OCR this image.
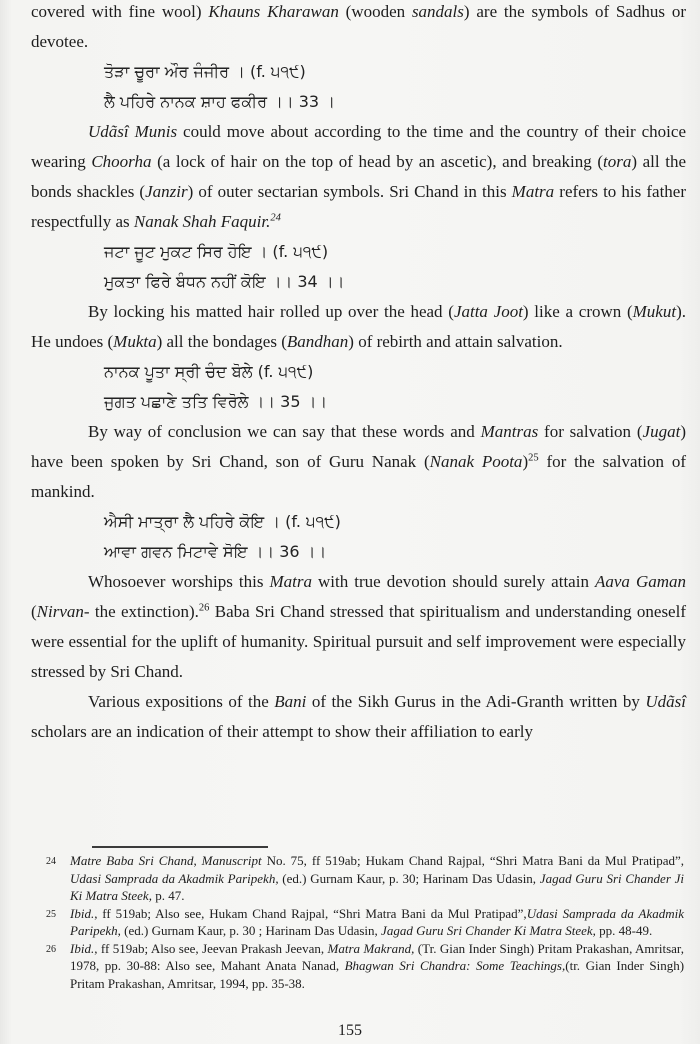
covered with fine wool) Khauns Kharawan (wooden sandals) are the symbols of Sadhus or devotee.
ਤੋੜਾ ਚੂਰਾ ਔਰ ਜੰਜੀਰ । (f. ੫੧੯)
ਲੈ ਪਹਿਰੇ ਨਾਨਕ ਸ਼ਾਹ ਫਕੀਰ ।। 33 ।
Udãsî Munis could move about according to the time and the country of their choice wearing Choorha (a lock of hair on the top of head by an ascetic), and breaking (tora) all the bonds shackles (Janzir) of outer sectarian symbols. Sri Chand in this Matra refers to his father respectfully as Nanak Shah Faquir.$^{24}$
ਜਟਾ ਜੂਟ ਮੁਕਟ ਸਿਰ ਹੋਇ । (f. ੫੧੯)
ਮੁਕਤਾ ਫਿਰੇ ਬੰਧਨ ਨਹੀਂ ਕੋਇ ।। 34 ।।
By locking his matted hair rolled up over the head (Jatta Joot) like a crown (Mukut). He undoes (Mukta) all the bondages (Bandhan) of rebirth and attain salvation.
ਨਾਨਕ ਪੂਤਾ ਸ੍ਰੀ ਚੰਦ ਬੋਲੇ (f. ੫੧੯)
ਜੁਗਤ ਪਛਾਣੇ ਤਤਿ ਵਿਰੋਲੇ ।। 35 ।।
By way of conclusion we can say that these words and Mantras for salvation (Jugat) have been spoken by Sri Chand, son of Guru Nanak (Nanak Poota)$^{25}$ for the salvation of mankind.
ਐਸੀ ਮਾਤ੍ਰਾ ਲੈ ਪਹਿਰੇ ਕੋਇ । (f. ੫੧੯)
ਆਵਾ ਗਵਨ ਮਿਟਾਵੇ ਸੋਇ ।। 36 ।।
Whosoever worships this Matra with true devotion should surely attain Aava Gaman (Nirvan- the extinction).$^{26}$ Baba Sri Chand stressed that spiritualism and understanding oneself were essential for the uplift of humanity. Spiritual pursuit and self improvement were especially stressed by Sri Chand.
Various expositions of the Bani of the Sikh Gurus in the Adi-Granth written by Udãsî scholars are an indication of their attempt to show their affiliation to early
24	Matre Baba Sri Chand, Manuscript No. 75, ff 519ab; Hukam Chand Rajpal, “Shri Matra Bani da Mul Pratipad”, Udasi Samprada da Akadmik Paripekh, (ed.) Gurnam Kaur, p. 30; Harinam Das Udasin, Jagad Guru Sri Chander Ji Ki Matra Steek, p. 47.
25	Ibid., ff 519ab; Also see, Hukam Chand Rajpal, “Shri Matra Bani da Mul Pratipad”,Udasi Samprada da Akadmik Paripekh, (ed.) Gurnam Kaur, p. 30 ; Harinam Das Udasin, Jagad Guru Sri Chander Ki Matra Steek, pp. 48-49.
26	Ibid., ff 519ab; Also see, Jeevan Prakash Jeevan, Matra Makrand, (Tr. Gian Inder Singh) Pritam Prakashan, Amritsar, 1978, pp. 30-88: Also see, Mahant Anata Nanad, Bhagwan Sri Chandra: Some Teachings,(tr. Gian Inder Singh) Pritam Prakashan, Amritsar, 1994, pp. 35-38.
155
